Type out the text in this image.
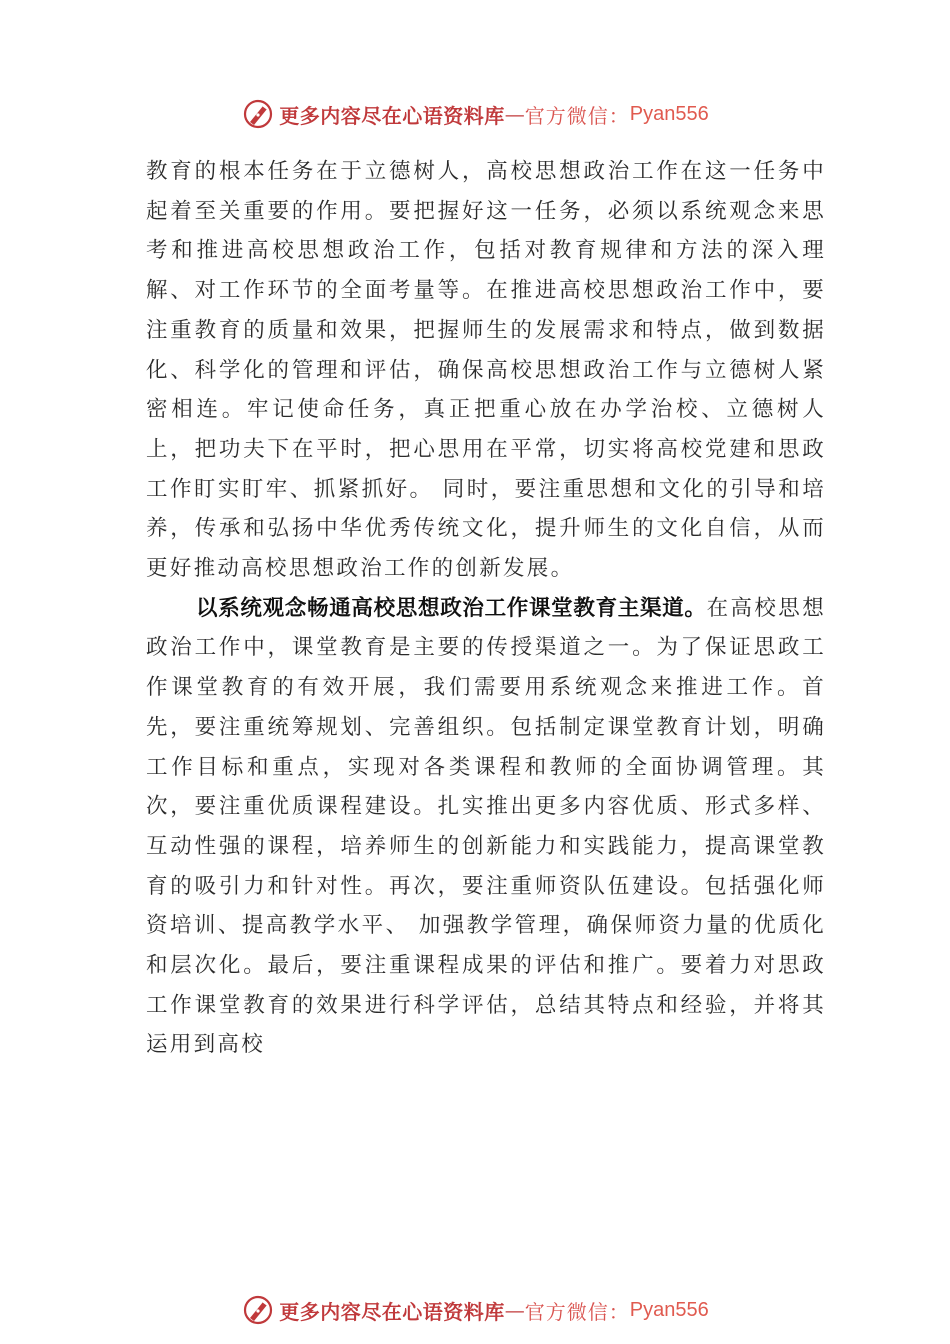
更多内容尽在心语资料库 — 官方微信： Pyan556

教育的根本任务在于立德树人，高校思想政治工作在这一任务中起着至关重要的作用。要把握好这一任务，必须以系统观念来思考和推进高校思想政治工作，包括对教育规律和方法的深入理解、对工作环节的全面考量等。在推进高校思想政治工作中，要注重教育的质量和效果，把握师生的发展需求和特点，做到数据化、科学化的管理和评估，确保高校思想政治工作与立德树人紧密相连。牢记使命任务，真正把重心放在办学治校、立德树人上，把功夫下在平时，把心思用在平常，切实将高校党建和思政工作盯实盯牢、抓紧抓好。 同时，要注重思想和文化的引导和培养，传承和弘扬中华优秀传统文化，提升师生的文化自信，从而更好推动高校思想政治工作的创新发展。

以系统观念畅通高校思想政治工作课堂教育主渠道。在高校思想政治工作中，课堂教育是主要的传授渠道之一。为了保证思政工作课堂教育的有效开展，我们需要用系统观念来推进工作。首先，要注重统筹规划、完善组织。包括制定课堂教育计划，明确工作目标和重点，实现对各类课程和教师的全面协调管理。其次，要注重优质课程建设。扎实推出更多内容优质、形式多样、互动性强的课程，培养师生的创新能力和实践能力，提高课堂教育的吸引力和针对性。再次，要注重师资队伍建设。包括强化师资培训、提高教学水平、 加强教学管理，确保师资力量的优质化和层次化。最后，要注重课程成果的评估和推广。要着力对思政工作课堂教育的效果进行科学评估，总结其特点和经验，并将其运用到高校

更多内容尽在心语资料库 — 官方微信： Pyan556
